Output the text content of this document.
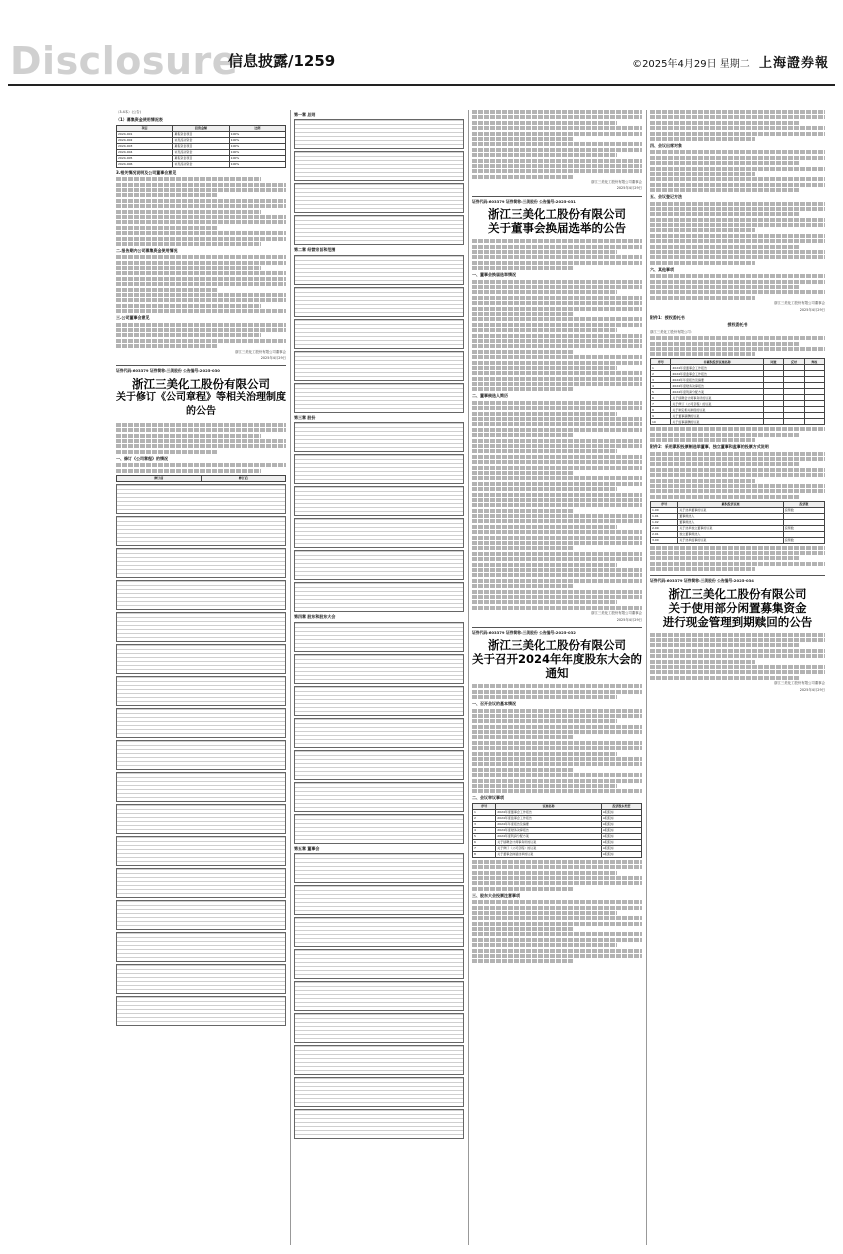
Disclosure
信息披露/1259	©2025年4月29日 星期二 上海證券報
（3.4本）(公告)
（1）募集资金使用情况表
项目	投资金额	比例
2024-001	募集资金项目	100%
2024-002	补充流动资金	100%
2024-003	募集资金项目	100%
2024-004	补充流动资金	100%
2024-005	募集资金项目	100%
2024-006	补充流动资金	100%
3.相关情况说明及公司董事会意见
二.报告期内公司募集资金使用情况
三.公司董事会意见
浙江三美化工股份有限公司董事会
2025年4月29日
证券代码:603379 证券简称:三美股份 公告编号:2025-030
浙江三美化工股份有限公司
关于修订《公司章程》等相关治理制度的公告
一、修订《公司章程》的情况
修订前	修订后
第一章 总则
第二章 经营宗旨和范围
第三章 股份
第四章 股东和股东大会
第五章 董事会
浙江三美化工股份有限公司董事会
2025年4月29日
证券代码:603379 证券简称:三美股份 公告编号:2025-031
浙江三美化工股份有限公司
关于董事会换届选举的公告
一、董事会换届选举情况
二、董事候选人简历
浙江三美化工股份有限公司董事会
2025年4月29日
证券代码:603379 证券简称:三美股份 公告编号:2025-032
浙江三美化工股份有限公司
关于召开2024年年度股东大会的通知
一、召开会议的基本情况
二、会议审议事项
序号	议案名称	投票股东类型
1	2024年度董事会工作报告	A股股东
2	2024年度监事会工作报告	A股股东
3	2024年年度报告及摘要	A股股东
4	2024年度财务决算报告	A股股东
5	2024年度利润分配方案	A股股东
6	关于续聘会计师事务所的议案	A股股东
7	关于修订《公司章程》的议案	A股股东
8	关于董事会换届选举的议案	A股股东
三、股东大会投票注意事项
四、会议出席对象
五、会议登记方法
六、其他事项
浙江三美化工股份有限公司董事会
2025年4月29日
附件1：授权委托书
授权委托书
浙江三美化工股份有限公司：
序号	非累积投票议案名称	同意	反对	弃权
1	2024年度董事会工作报告			
2	2024年度监事会工作报告			
3	2024年年度报告及摘要			
4	2024年度财务决算报告			
5	2024年度利润分配方案			
6	关于续聘会计师事务所的议案			
7	关于修订《公司章程》的议案			
8	关于制定相关制度的议案			
9	关于董事薪酬的议案			
10	关于监事薪酬的议案			
附件2：采用累积投票制选举董事、独立董事和监事的投票方式说明
序号	累积投票议案	投票数
1.00	关于选举董事的议案	投票数
1.01	董事候选人	
1.02	董事候选人	
2.00	关于选举独立董事的议案	投票数
2.01	独立董事候选人	
3.00	关于选举监事的议案	投票数
证券代码:603379 证券简称:三美股份 公告编号:2025-034
浙江三美化工股份有限公司
关于使用部分闲置募集资金
进行现金管理到期赎回的公告
浙江三美化工股份有限公司董事会
2025年4月29日
